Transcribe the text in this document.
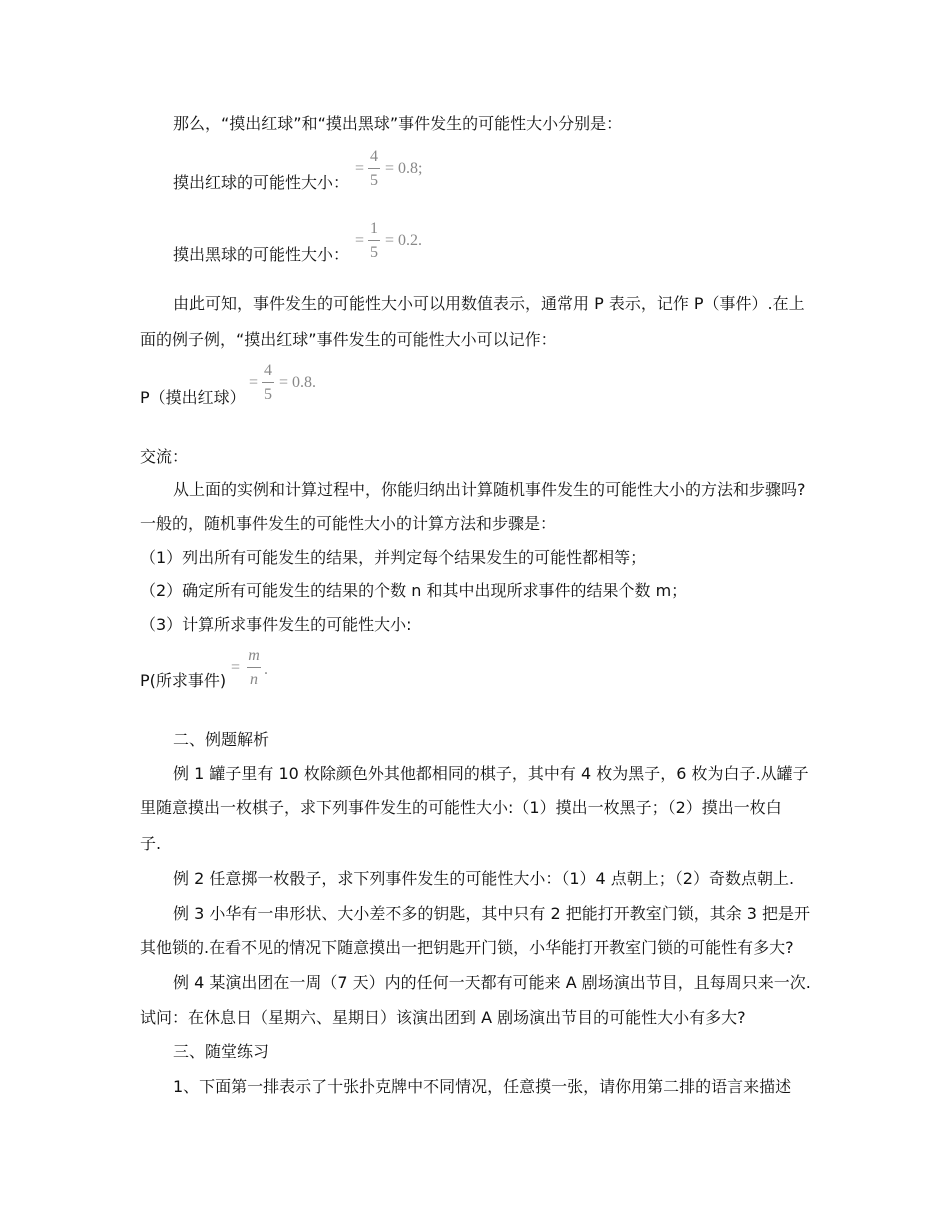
那么，“摸出红球”和“摸出黑球”事件发生的可能性大小分别是：
摸出红球的可能性大小：
=
4
5
= 0.8;
摸出黑球的可能性大小：
=
1
5
= 0.2.
由此可知，事件发生的可能性大小可以用数值表示，通常用 P 表示，记作 P（事件）.在上
面的例子例，“摸出红球”事件发生的可能性大小可以记作：
P（摸出红球）
=
4
5
= 0.8.
交流：
从上面的实例和计算过程中，你能归纳出计算随机事件发生的可能性大小的方法和步骤吗?
一般的，随机事件发生的可能性大小的计算方法和步骤是：
（1）列出所有可能发生的结果，并判定每个结果发生的可能性都相等；
（2）确定所有可能发生的结果的个数 n 和其中出现所求事件的结果个数 m；
（3）计算所求事件发生的可能性大小:
P(所求事件)
=
m
n
.
二、例题解析
例 1 罐子里有 10 枚除颜色外其他都相同的棋子，其中有 4 枚为黑子，6 枚为白子.从罐子
里随意摸出一枚棋子，求下列事件发生的可能性大小:（1）摸出一枚黑子；（2）摸出一枚白
子.
例 2 任意掷一枚骰子，求下列事件发生的可能性大小：（1）4 点朝上；（2）奇数点朝上.
例 3 小华有一串形状、大小差不多的钥匙，其中只有 2 把能打开教室门锁，其余 3 把是开
其他锁的.在看不见的情况下随意摸出一把钥匙开门锁，小华能打开教室门锁的可能性有多大?
例 4 某演出团在一周（7 天）内的任何一天都有可能来 A 剧场演出节目，且每周只来一次.
试问：在休息日（星期六、星期日）该演出团到 A 剧场演出节目的可能性大小有多大?
三、随堂练习
1、下面第一排表示了十张扑克牌中不同情况，任意摸一张，请你用第二排的语言来描述
